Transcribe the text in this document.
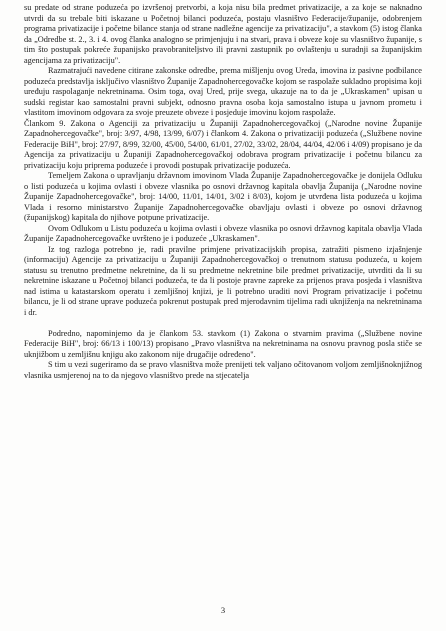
su predate od strane poduzeća po izvršenoj pretvorbi, a koja nisu bila predmet privatizacije, a za koje se naknadno utvrdi da su trebale biti iskazane u Početnoj bilanci poduzeća, postaju vlasništvo Federacije/županije, odobrenjem programa privatizacije i početne bilance stanja od strane nadležne agencije za privatizaciju", a stavkom (5) istog članka da „Odredbe st. 2., 3. i 4. ovog članka analogno se primjenjuju i na stvari, prava i obveze koje su vlasništvo županije, s tim što postupak pokreće županijsko pravobraniteljstvo ili pravni zastupnik po ovlaštenju u suradnji sa županijskim agencijama za privatizaciju".

Razmatrajući navedene citirane zakonske odredbe, prema mišljenju ovog Ureda, imovina iz pasivne podbilance poduzeća predstavlja isključivo vlasništvo Županije Zapadnohercegovačke kojom se raspolaže sukladno propisima koji uređuju raspolaganje nekretninama. Osim toga, ovaj Ured, prije svega, ukazuje na to da je „Ukraskamen" upisan u sudski registar kao samostalni pravni subjekt, odnosno pravna osoba koja samostalno istupa u javnom prometu i vlastitom imovinom odgovara za svoje preuzete obveze i posjeduje imovinu kojom raspolaže.

Člankom 9. Zakona o Agenciji za privatizaciju u Županiji Zapadnohercegovačkoj („Narodne novine Županije Zapadnohercegovačke", broj: 3/97, 4/98, 13/99, 6/07) i člankom 4. Zakona o privatizaciji poduzeća („Službene novine Federacije BiH", broj: 27/97, 8/99, 32/00, 45/00, 54/00, 61/01, 27/02, 33/02, 28/04, 44/04, 42/06 i 4/09) propisano je da Agencija za privatizaciju u Županiji Zapadnohercegovačkoj odobrava program privatizacije i početnu bilancu za privatizaciju koju priprema poduzeće i provodi postupak privatizacije poduzeća.

Temeljem Zakona o upravljanju državnom imovinom Vlada Županije Zapadnohercegovačke je donijela Odluku o listi poduzeća u kojima ovlasti i obveze vlasnika po osnovi državnog kapitala obavlja Županija („Narodne novine Županije Zapadnohercegovačke", broj: 14/00, 11/01, 14/01, 3/02 i 8/03), kojom je utvrđena lista poduzeća u kojima Vlada i resorno ministarstvo Županije Zapadnohercegovačke obavljaju ovlasti i obveze po osnovi državnog (županijskog) kapitala do njihove potpune privatizacije.

Ovom Odlukom u Listu poduzeća u kojima ovlasti i obveze vlasnika po osnovi državnog kapitala obavlja Vlada Županije Zapadnohercegovačke uvršteno je i poduzeće „Ukraskamen".

Iz tog razloga potrebno je, radi pravilne primjene privatizacijskih propisa, zatražiti pismeno izjašnjenje (informaciju) Agencije za privatizaciju u Županiji Zapadnohercegovačkoj o trenutnom statusu poduzeća, u kojem statusu su trenutno predmetne nekretnine, da li su predmetne nekretnine bile predmet privatizacije, utvrditi da li su nekretnine iskazane u Početnoj bilanci poduzeća, te da li postoje pravne zapreke za prijenos prava posjeda i vlasništva nad istima u katastarskom operatu i zemljišnoj knjizi, je li potrebno uraditi novi Program privatizacije i početnu bilancu, je li od strane uprave poduzeća pokrenut postupak pred mjerodavnim tijelima radi uknjiženja na nekretninama i dr.

Podredno, napominjemo da je člankom 53. stavkom (1) Zakona o stvarnim pravima („Službene novine Federacije BiH", broj: 66/13 i 100/13) propisano „Pravo vlasništva na nekretninama na osnovu pravnog posla stiče se uknjižbom u zemljišnu knjigu ako zakonom nije drugačije određeno".

S tim u vezi sugeriramo da se pravo vlasništva može prenijeti tek valjano očitovanom voljom zemljišnoknjižnog vlasnika usmjerenoj na to da njegovo vlasništvo prede na stjecatelja

3
